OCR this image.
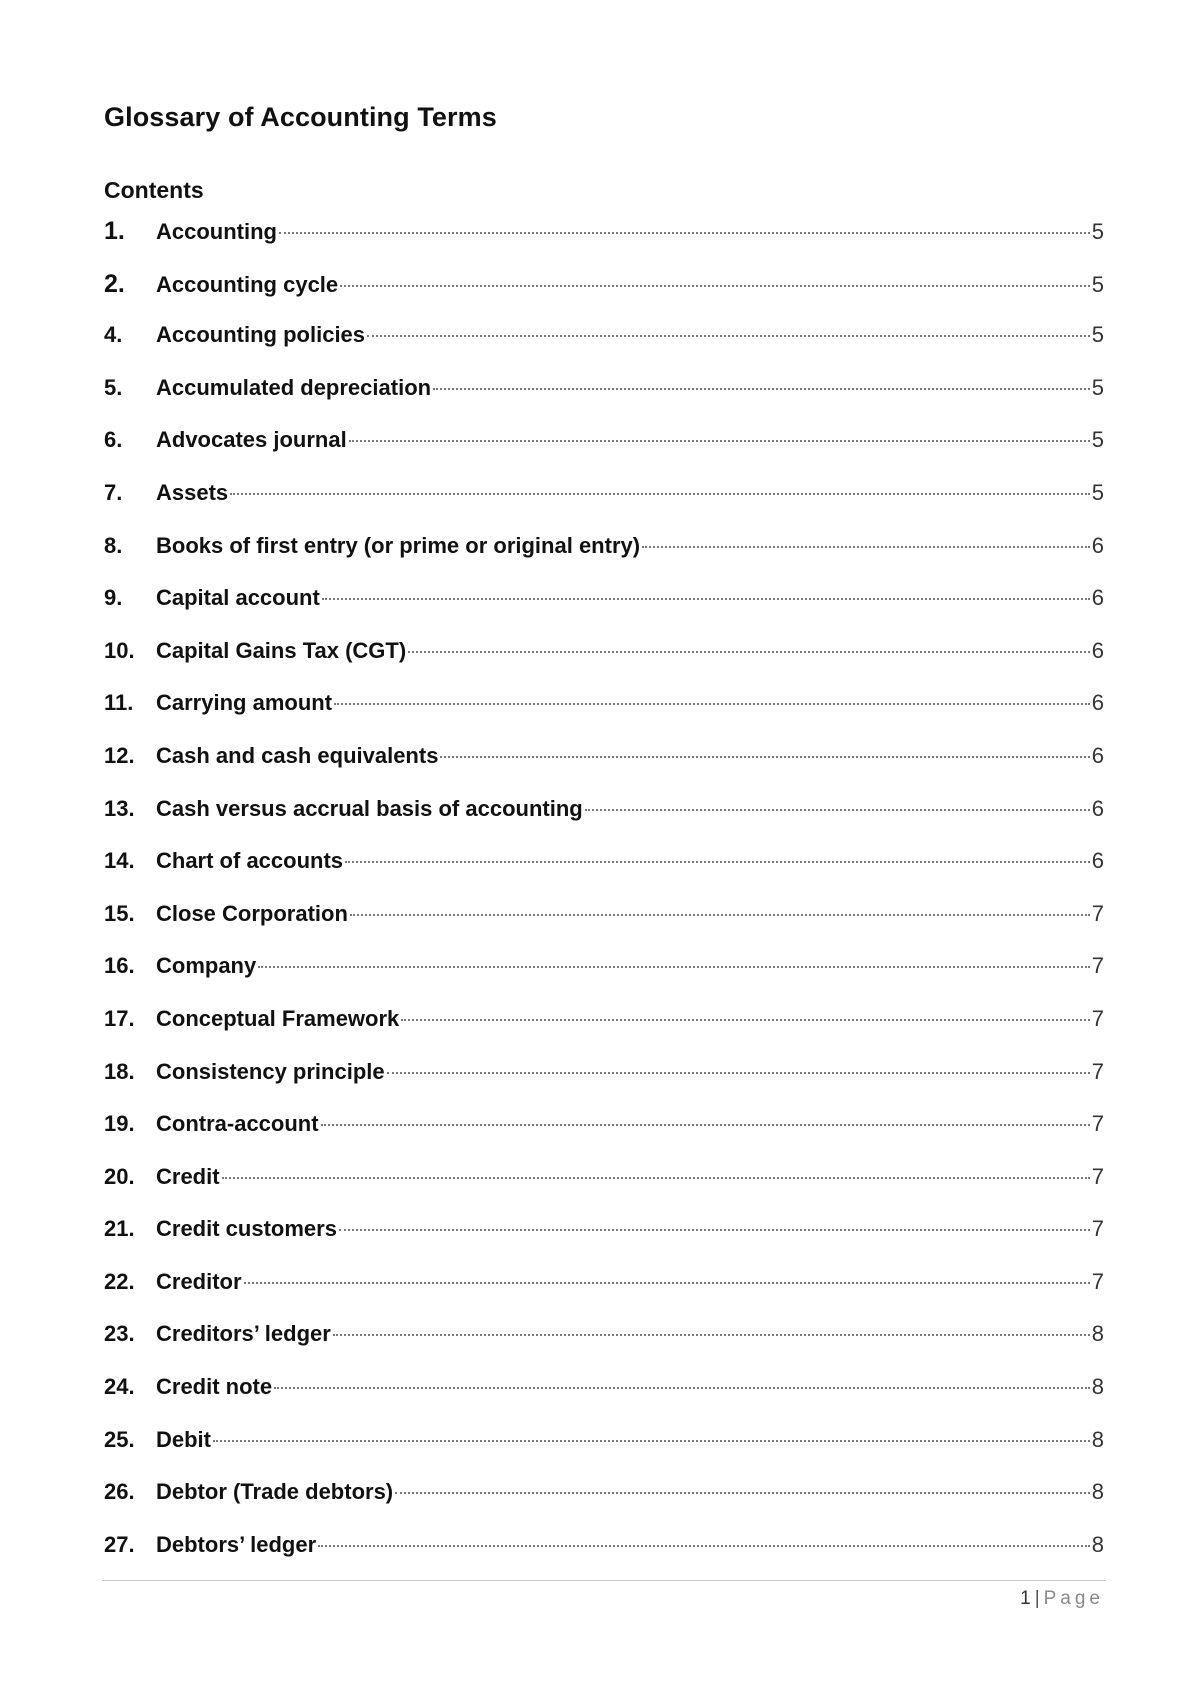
Glossary of Accounting Terms
Contents
1.	Accounting	5
2.	Accounting cycle	5
4.	Accounting policies	5
5.	Accumulated depreciation	5
6.	Advocates journal	5
7.	Assets	5
8.	Books of first entry (or prime or original entry)	6
9.	Capital account	6
10. Capital Gains Tax (CGT)	6
11.	Carrying amount	6
12. Cash and cash equivalents	6
13. Cash versus accrual basis of accounting	6
14. Chart of accounts	6
15. Close Corporation	7
16. Company	7
17. Conceptual Framework	7
18. Consistency principle	7
19. Contra-account	7
20. Credit	7
21. Credit customers	7
22. Creditor	7
23. Creditors’ ledger	8
24. Credit note	8
25. Debit	8
26. Debtor (Trade debtors)	8
27. Debtors’ ledger	8
1 | Page
